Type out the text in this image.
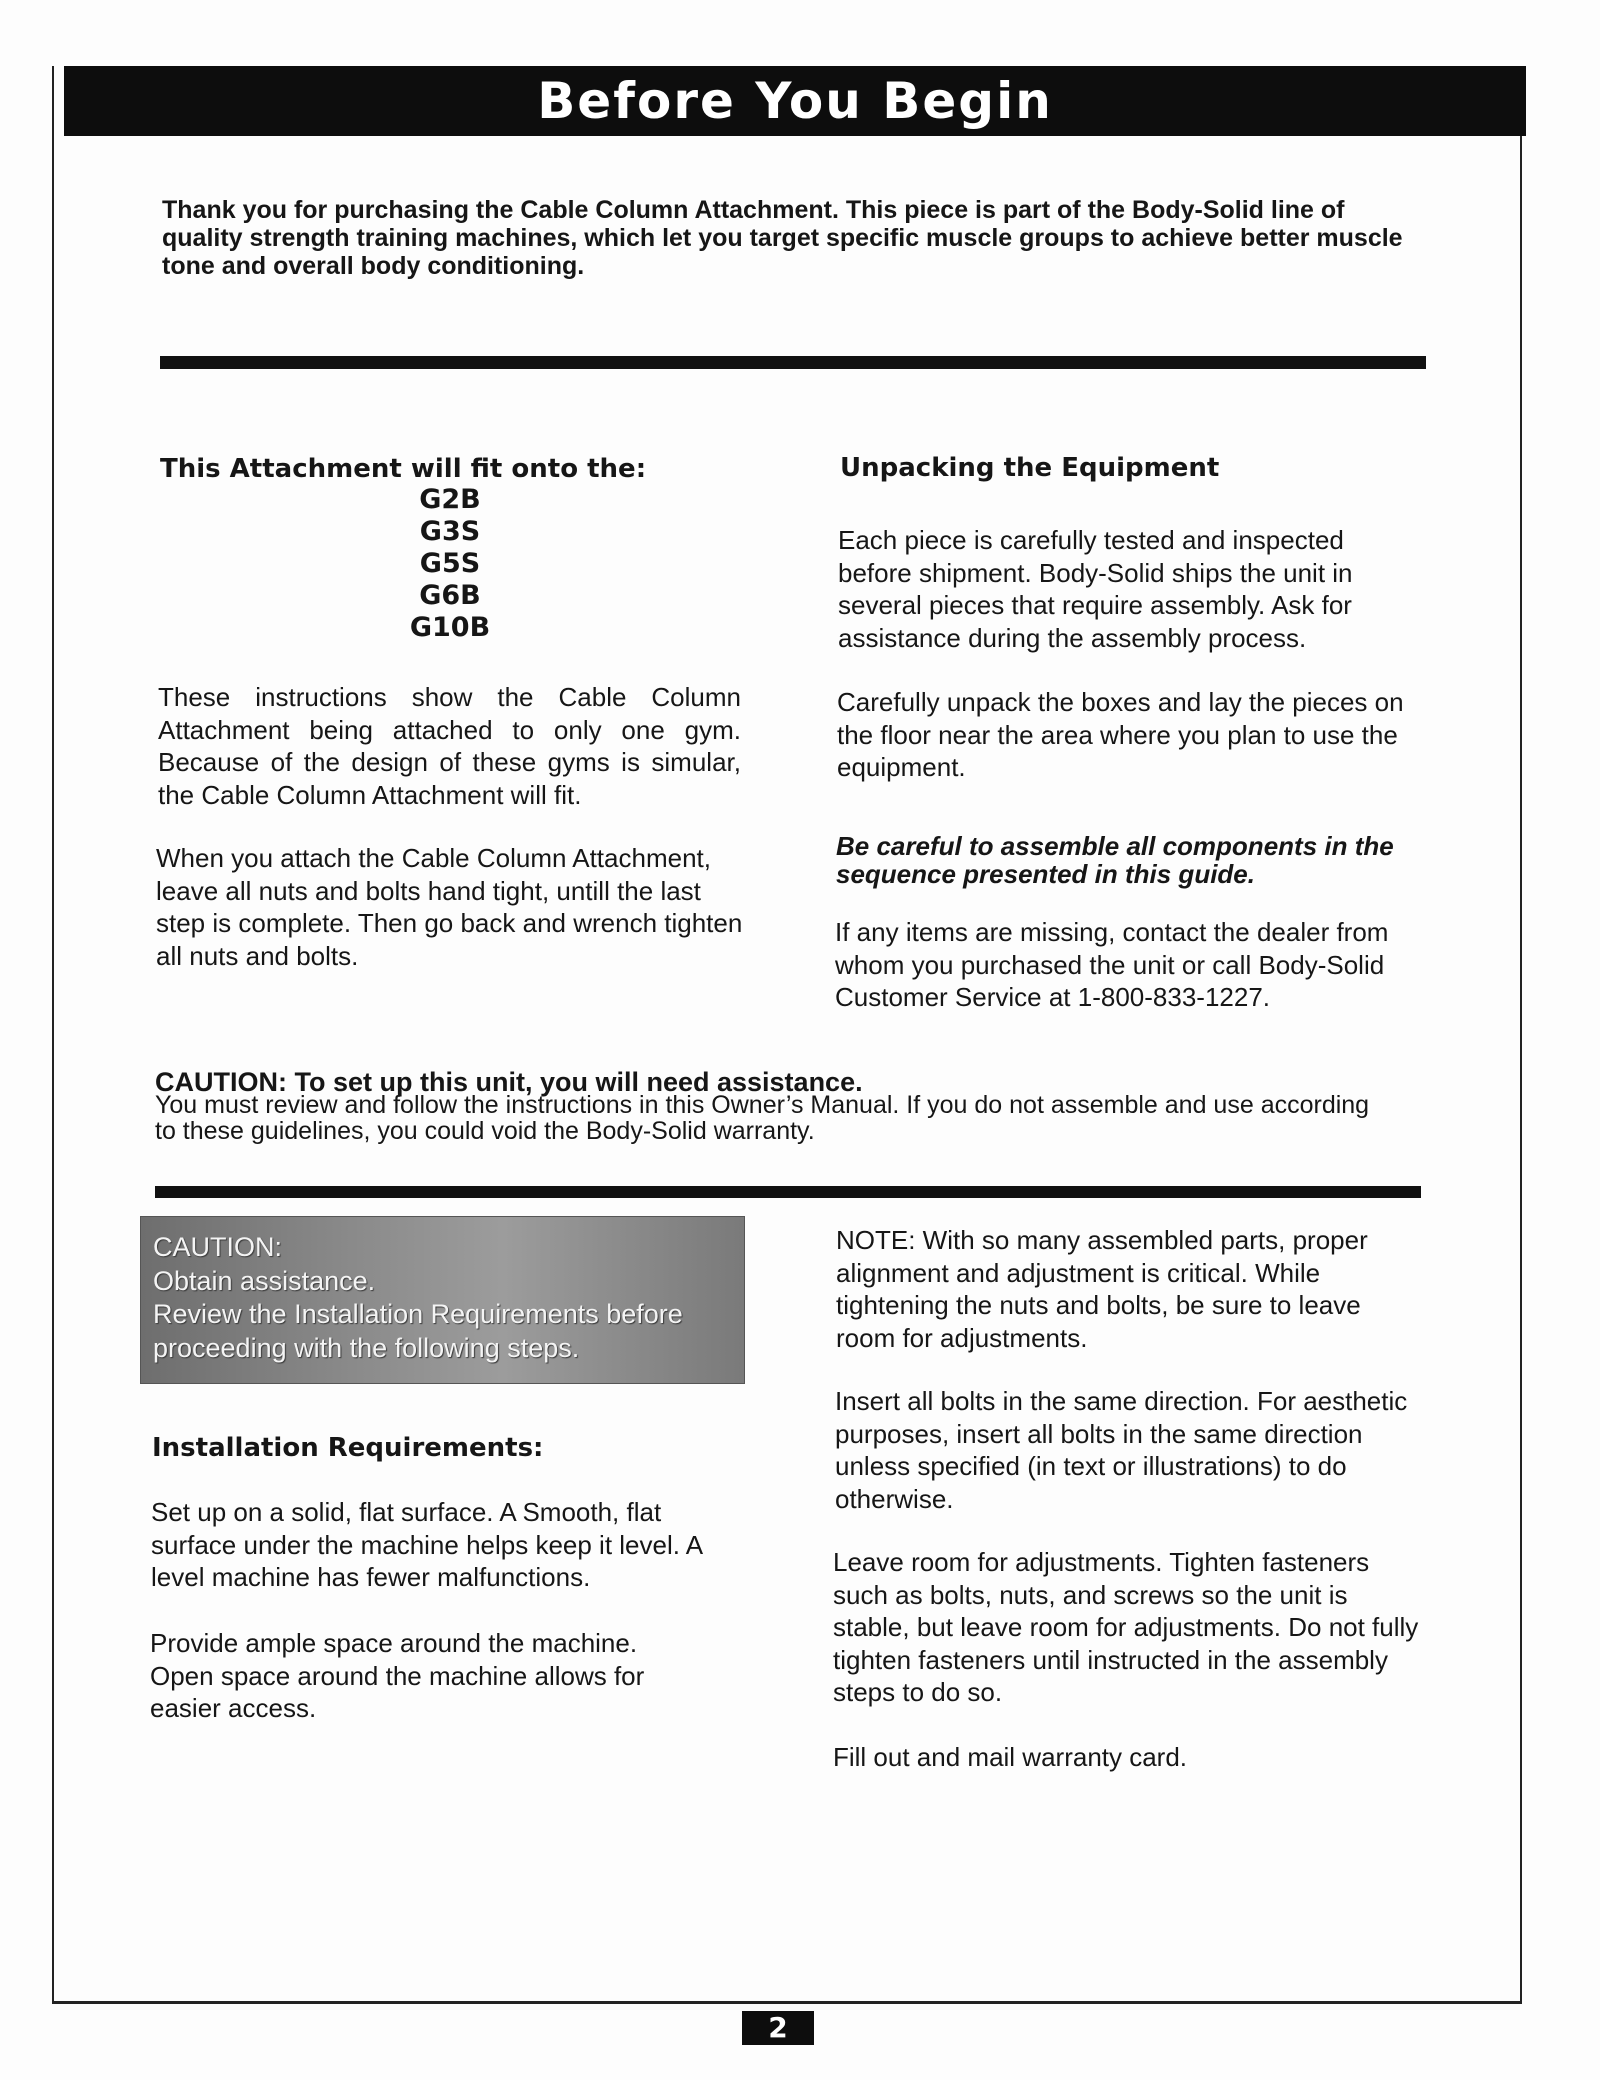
Before You Begin

Thank you for purchasing the Cable Column Attachment. This piece is part of the Body-Solid line of quality strength training machines, which let you target specific muscle groups to achieve better muscle tone and overall body conditioning.

This Attachment will fit onto the:
G2B
G3S
G5S
G6B
G10B

These instructions show the Cable Column Attachment being attached to only one gym. Because of the design of these gyms is simular, the Cable Column Attachment will fit.

When you attach the Cable Column Attachment, leave all nuts and bolts hand tight, untill the last step is complete. Then go back and wrench tighten all nuts and bolts.

Unpacking the Equipment

Each piece is carefully tested and inspected before shipment. Body-Solid ships the unit in several pieces that require assembly. Ask for assistance during the assembly process.

Carefully unpack the boxes and lay the pieces on the floor near the area where you plan to use the equipment.

Be careful to assemble all components in the sequence presented in this guide.

If any items are missing, contact the dealer from whom you purchased the unit or call Body-Solid Customer Service at 1-800-833-1227.

CAUTION: To set up this unit, you will need assistance.

You must review and follow the instructions in this Owner’s Manual. If you do not assemble and use according to these guidelines, you could void the Body-Solid warranty.

CAUTION:
Obtain assistance.
Review the Installation Requirements before
proceeding with the following steps.
Installation Requirements:

Set up on a solid, flat surface. A Smooth, flat surface under the machine helps keep it level. A level machine has fewer malfunctions.

Provide ample space around the machine. Open space around the machine allows for easier access.

NOTE: With so many assembled parts, proper alignment and adjustment is critical. While tightening the nuts and bolts, be sure to leave room for adjustments.

Insert all bolts in the same direction. For aesthetic purposes, insert all bolts in the same direction unless specified (in text or illustrations) to do otherwise.

Leave room for adjustments. Tighten fasteners such as bolts, nuts, and screws so the unit is stable, but leave room for adjustments. Do not fully tighten fasteners until instructed in the assembly steps to do so.

Fill out and mail warranty card.

2
